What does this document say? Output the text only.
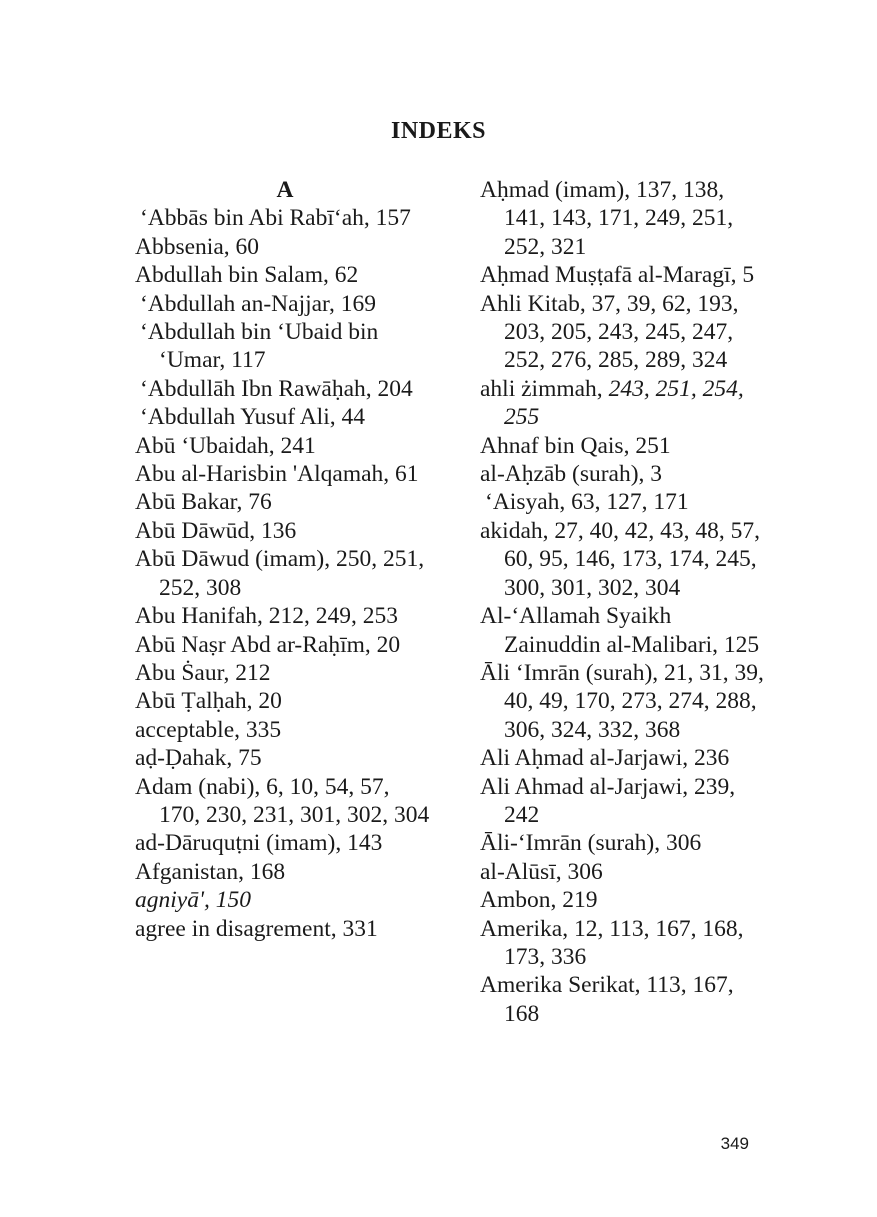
INDEKS
A
‘Abbās bin Abi Rabī‘ah, 157
Abbsenia, 60
Abdullah bin Salam, 62
‘Abdullah an-Najjar, 169
‘Abdullah bin ‘Ubaid bin ‘Umar, 117
‘Abdullāh Ibn Rawāḥah, 204
‘Abdullah Yusuf Ali, 44
Abū ‘Ubaidah, 241
Abu al-Harisbin 'Alqamah, 61
Abū Bakar, 76
Abū Dāwūd, 136
Abū Dāwud (imam), 250, 251, 252, 308
Abu Hanifah, 212, 249, 253
Abū Naṣr Abd ar-Raḥīm, 20
Abu Ṡaur, 212
Abū Ṭalḥah, 20
acceptable, 335
aḍ-Ḍahak, 75
Adam (nabi), 6, 10, 54, 57, 170, 230, 231, 301, 302, 304
ad-Dāruquṭni (imam), 143
Afganistan, 168
agniyā', 150
agree in disagrement, 331
Aḥmad (imam), 137, 138, 141, 143, 171, 249, 251, 252, 321
Aḥmad Muṣṭafā al-Maragī, 5
Ahli Kitab, 37, 39, 62, 193, 203, 205, 243, 245, 247, 252, 276, 285, 289, 324
ahli żimmah, 243, 251, 254, 255
Ahnaf bin Qais, 251
al-Aḥzāb (surah), 3
‘Aisyah, 63, 127, 171
akidah, 27, 40, 42, 43, 48, 57, 60, 95, 146, 173, 174, 245, 300, 301, 302, 304
Al-‘Allamah Syaikh Zainuddin al-Malibari, 125
Āli ‘Imrān (surah), 21, 31, 39, 40, 49, 170, 273, 274, 288, 306, 324, 332, 368
Ali Aḥmad al-Jarjawi, 236
Ali Ahmad al-Jarjawi, 239, 242
Āli-‘Imrān (surah), 306
al-Alūsī, 306
Ambon, 219
Amerika, 12, 113, 167, 168, 173, 336
Amerika Serikat, 113, 167, 168
349
